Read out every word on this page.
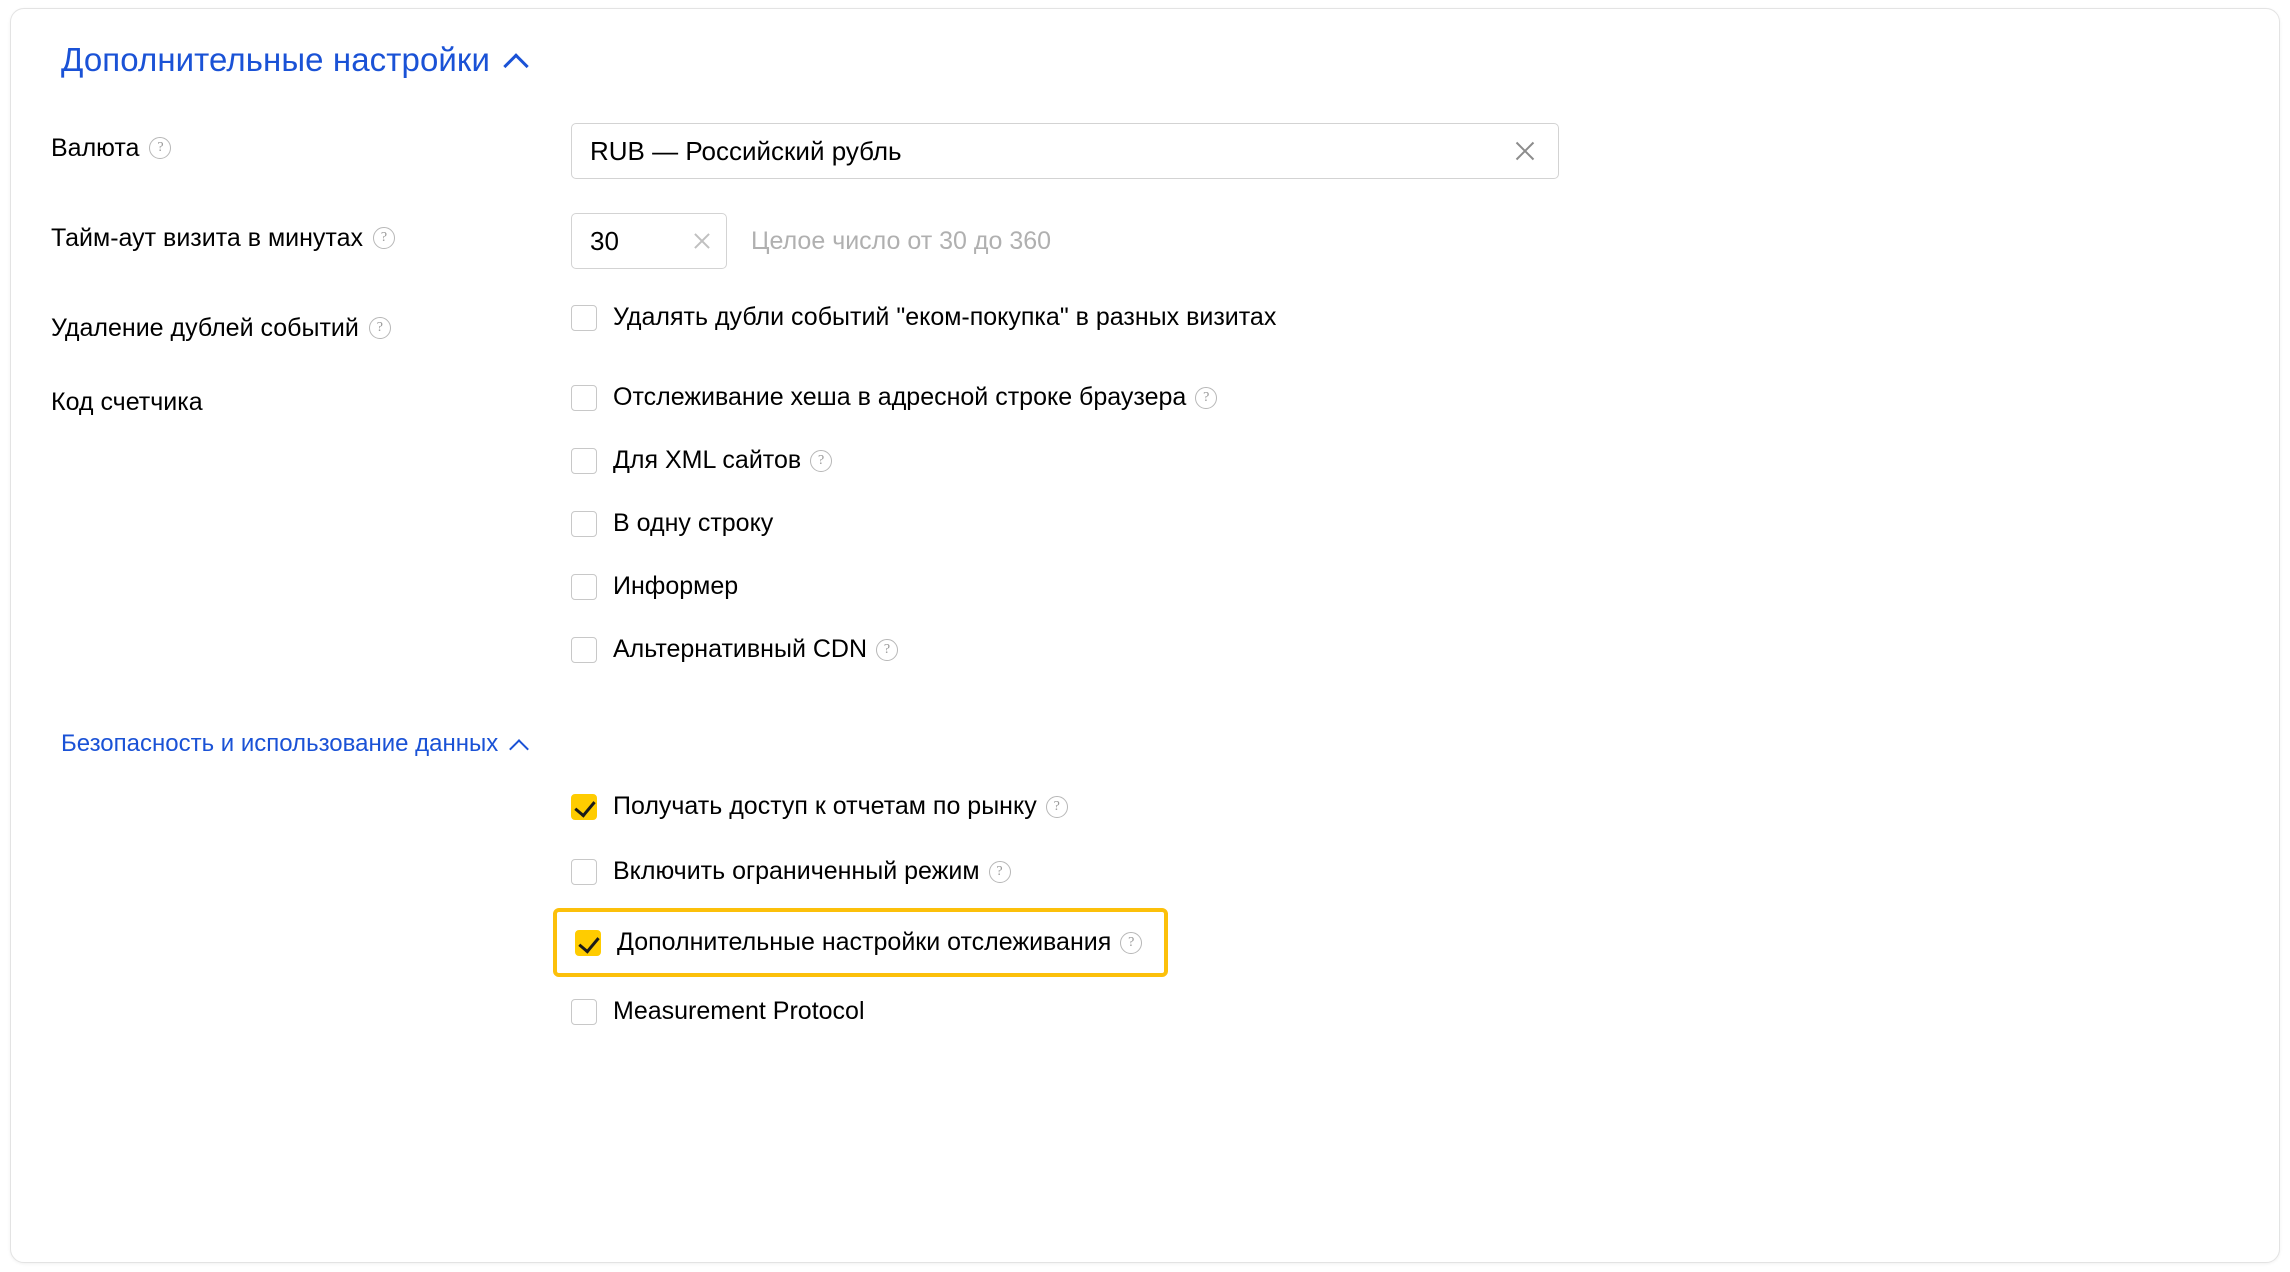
Дополнительные настройки
Валюта	?	RUB — Российский рубль
Тайм-аут визита в минутах	?	30	Целое число от 30 до 360
Удаление дублей событий	?	Удалять дубли событий "еком-покупка" в разных визитах
Код счетчика	Отслеживание хеша в адресной строке браузера	?
Для XML сайтов	?
В одну строку
Информер
Альтернативный CDN	?
Безопасность и использование данных
Получать доступ к отчетам по рынку	?
Включить ограниченный режим	?
Дополнительные настройки отслеживания	?
Measurement Protocol
